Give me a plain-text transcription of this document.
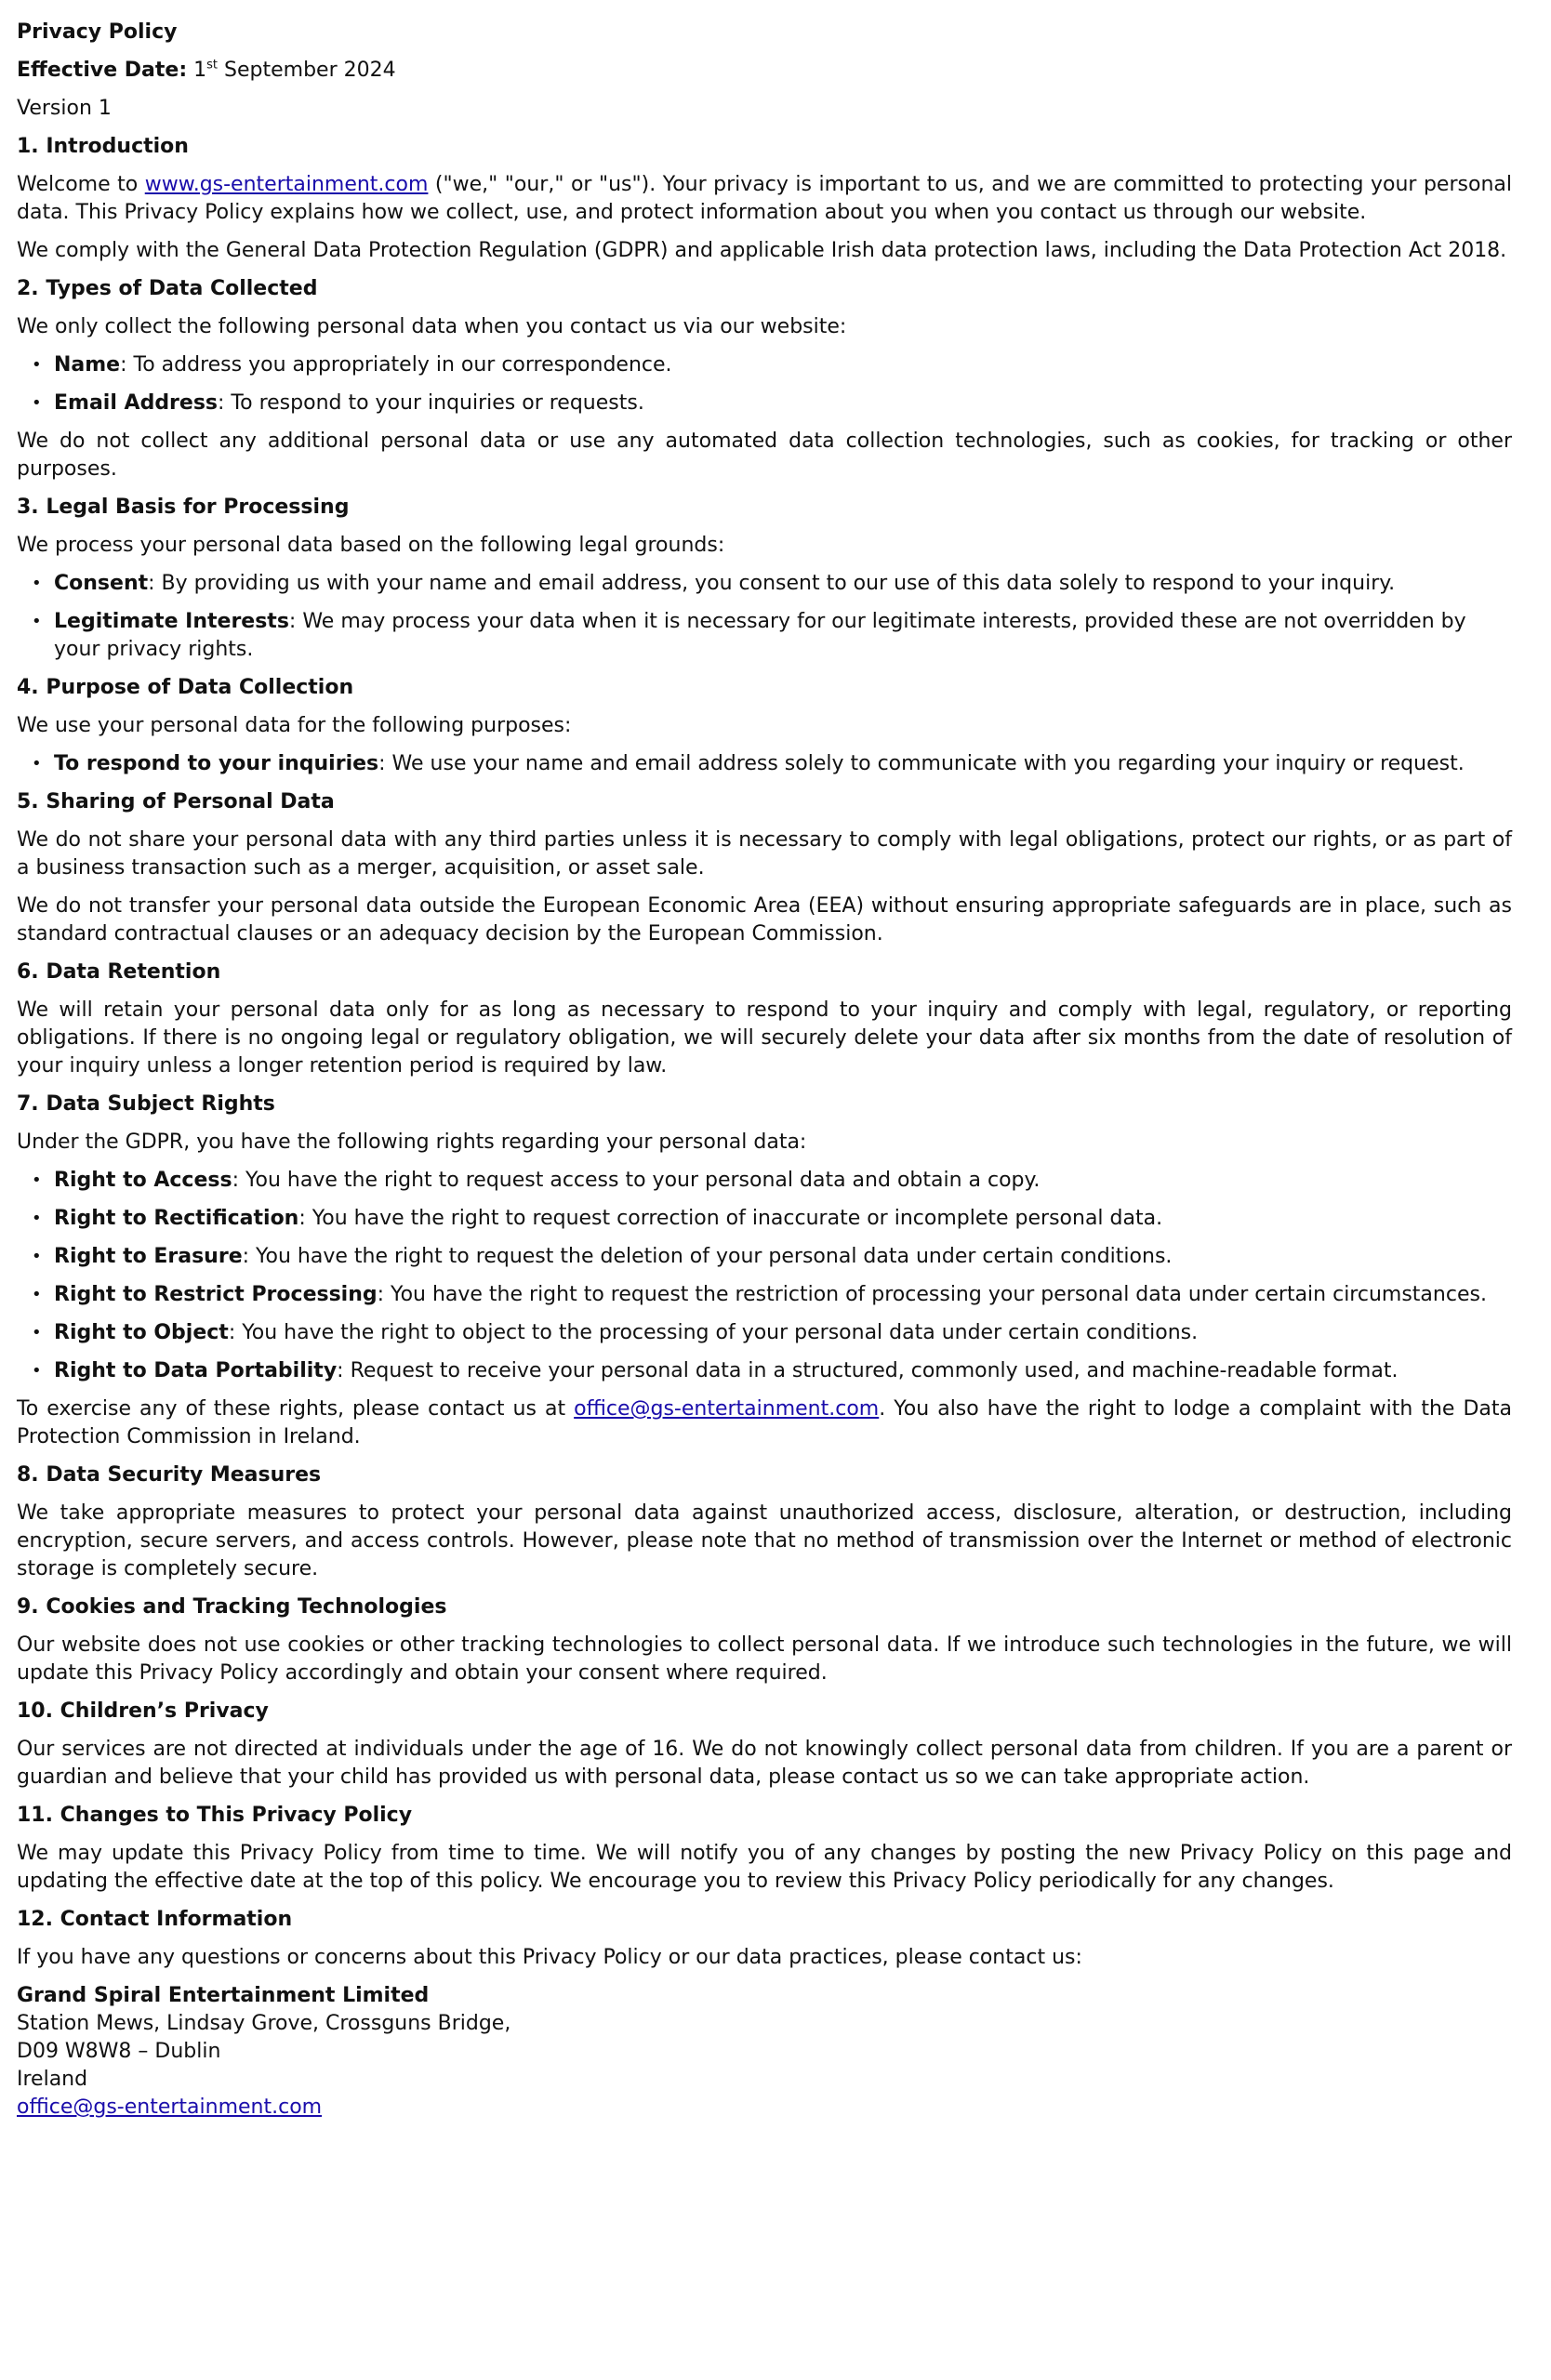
Privacy Policy

Effective Date: 1st September 2024

Version 1

1. Introduction

Welcome to www.gs-entertainment.com ("we," "our," or "us"). Your privacy is important to us, and we are committed to protecting your personal data. This Privacy Policy explains how we collect, use, and protect information about you when you contact us through our website.

We comply with the General Data Protection Regulation (GDPR) and applicable Irish data protection laws, including the Data Protection Act 2018.

2. Types of Data Collected

We only collect the following personal data when you contact us via our website:

• Name: To address you appropriately in our correspondence.
• Email Address: To respond to your inquiries or requests.

We do not collect any additional personal data or use any automated data collection technologies, such as cookies, for tracking or other purposes.

3. Legal Basis for Processing

We process your personal data based on the following legal grounds:

• Consent: By providing us with your name and email address, you consent to our use of this data solely to respond to your inquiry.
• Legitimate Interests: We may process your data when it is necessary for our legitimate interests, provided these are not overridden by your privacy rights.

4. Purpose of Data Collection

We use your personal data for the following purposes:

• To respond to your inquiries: We use your name and email address solely to communicate with you regarding your inquiry or request.

5. Sharing of Personal Data

We do not share your personal data with any third parties unless it is necessary to comply with legal obligations, protect our rights, or as part of a business transaction such as a merger, acquisition, or asset sale.

We do not transfer your personal data outside the European Economic Area (EEA) without ensuring appropriate safeguards are in place, such as standard contractual clauses or an adequacy decision by the European Commission.

6. Data Retention

We will retain your personal data only for as long as necessary to respond to your inquiry and comply with legal, regulatory, or reporting obligations. If there is no ongoing legal or regulatory obligation, we will securely delete your data after six months from the date of resolution of your inquiry unless a longer retention period is required by law.

7. Data Subject Rights

Under the GDPR, you have the following rights regarding your personal data:

• Right to Access: You have the right to request access to your personal data and obtain a copy.
• Right to Rectification: You have the right to request correction of inaccurate or incomplete personal data.
• Right to Erasure: You have the right to request the deletion of your personal data under certain conditions.
• Right to Restrict Processing: You have the right to request the restriction of processing your personal data under certain circumstances.
• Right to Object: You have the right to object to the processing of your personal data under certain conditions.
• Right to Data Portability: Request to receive your personal data in a structured, commonly used, and machine-readable format.

To exercise any of these rights, please contact us at office@gs-entertainment.com. You also have the right to lodge a complaint with the Data Protection Commission in Ireland.

8. Data Security Measures

We take appropriate measures to protect your personal data against unauthorized access, disclosure, alteration, or destruction, including encryption, secure servers, and access controls. However, please note that no method of transmission over the Internet or method of electronic storage is completely secure.

9. Cookies and Tracking Technologies

Our website does not use cookies or other tracking technologies to collect personal data. If we introduce such technologies in the future, we will update this Privacy Policy accordingly and obtain your consent where required.

10. Children’s Privacy

Our services are not directed at individuals under the age of 16. We do not knowingly collect personal data from children. If you are a parent or guardian and believe that your child has provided us with personal data, please contact us so we can take appropriate action.

11. Changes to This Privacy Policy

We may update this Privacy Policy from time to time. We will notify you of any changes by posting the new Privacy Policy on this page and updating the effective date at the top of this policy. We encourage you to review this Privacy Policy periodically for any changes.

12. Contact Information

If you have any questions or concerns about this Privacy Policy or our data practices, please contact us:

Grand Spiral Entertainment Limited
Station Mews, Lindsay Grove, Crossguns Bridge,
D09 W8W8 – Dublin
Ireland
office@gs-entertainment.com
